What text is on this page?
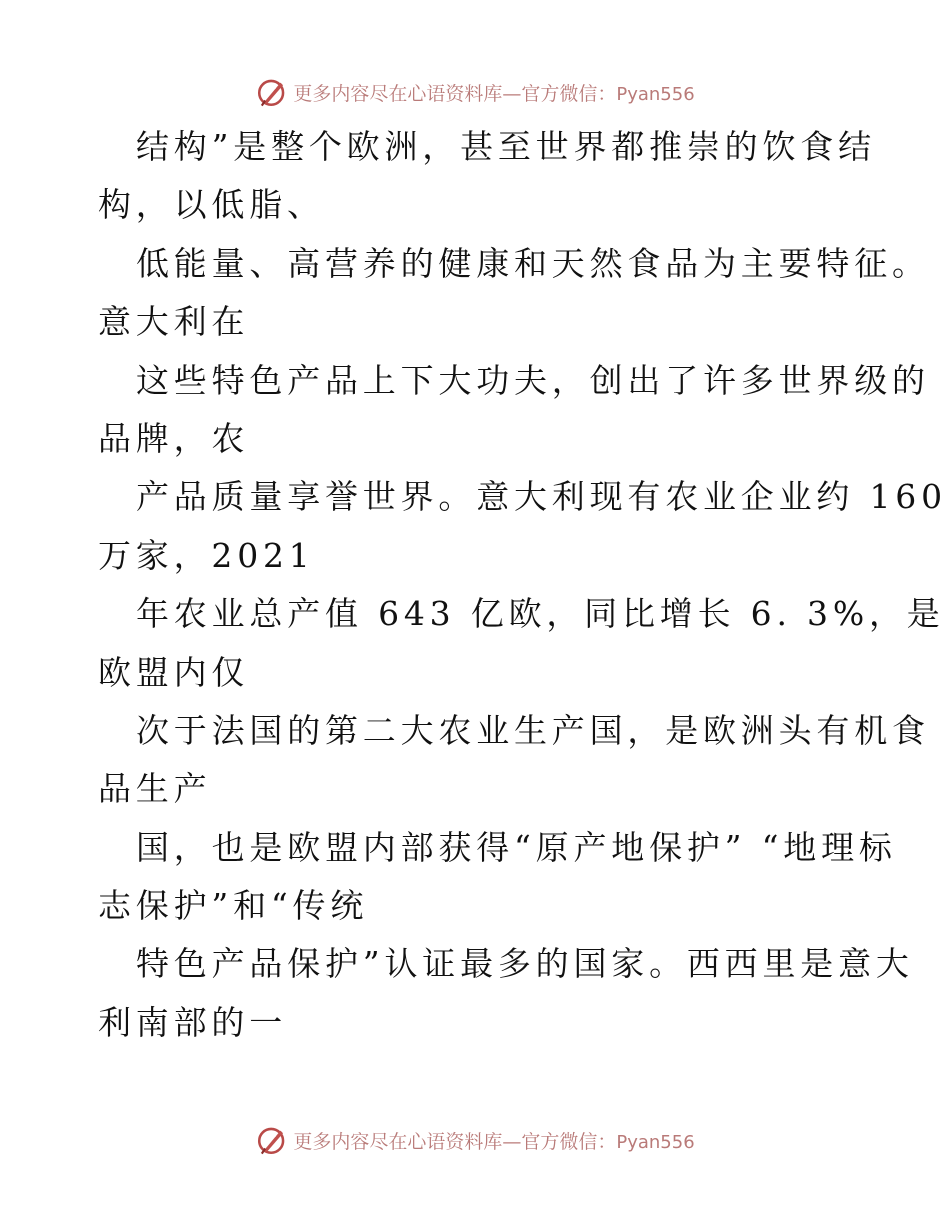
更多内容尽在心语资料库—官方微信：Pyan556
结构”是整个欧洲，甚至世界都推崇的饮食结
构，以低脂、
低能量、高营养的健康和天然食品为主要特征。
意大利在
这些特色产品上下大功夫，创出了许多世界级的
品牌，农
产品质量享誉世界。意大利现有农业企业约 160
万家，2021
年农业总产值 643 亿欧，同比增长 6. 3%，是
欧盟内仅
次于法国的第二大农业生产国，是欧洲头有机食
品生产
国，也是欧盟内部获得“原产地保护” “地理标
志保护”和“传统
特色产品保护”认证最多的国家。西西里是意大
利南部的一
更多内容尽在心语资料库—官方微信：Pyan556
